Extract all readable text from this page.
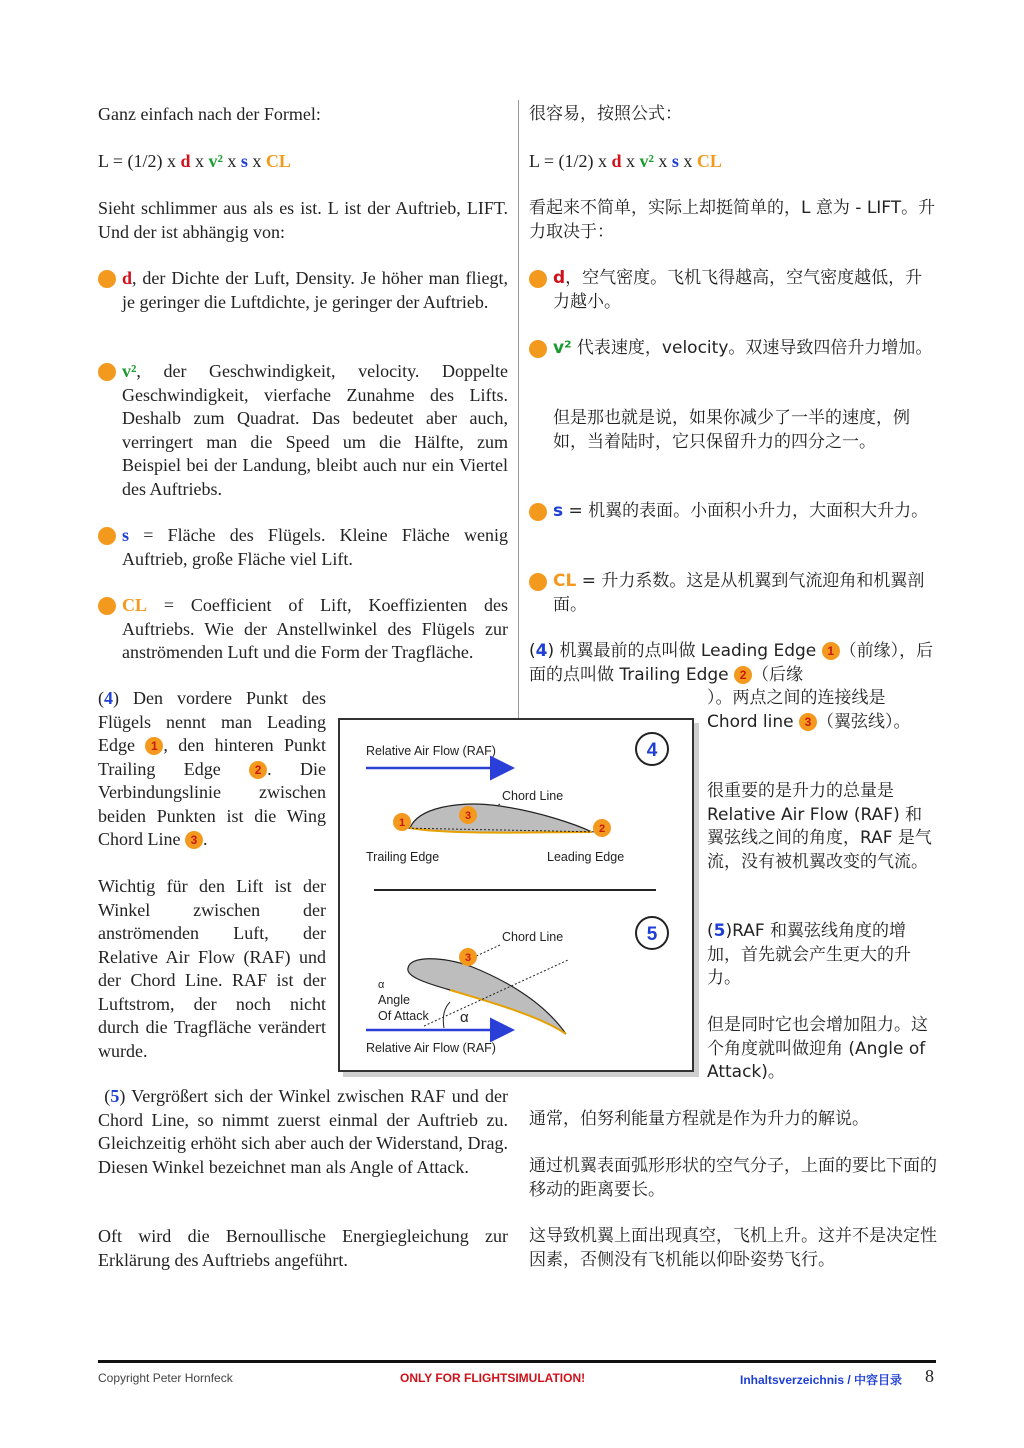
Ganz einfach nach der Formel:

L = (1/2) x d x v² x s x CL

Sieht schlimmer aus als es ist. L ist der Auftrieb, LIFT. Und der ist abhängig von:

d, der Dichte der Luft, Density. Je höher man fliegt, je geringer die Luftdichte, je geringer der Auftrieb.
v², der Geschwindigkeit, velocity. Doppelte Geschwindigkeit, vierfache Zunahme des Lifts. Deshalb zum Quadrat. Das bedeutet aber auch, verringert man die Speed um die Hälfte, zum Beispiel bei der Landung, bleibt auch nur ein Viertel des Auftriebs.
s = Fläche des Flügels. Kleine Fläche wenig Auftrieb, große Fläche viel Lift.
CL = Coefficient of Lift, Koeffizienten des Auftriebs. Wie der Anstellwinkel des Flügels zur anströmenden Luft und die Form der Tragfläche.

(4) Den vordere Punkt des Flügels nennt man Leading Edge 1 , den hinteren Punkt Trailing Edge 2 . Die Verbindungslinie zwischen beiden Punkten ist die Wing Chord Line 3 .

Wichtig für den Lift ist der Winkel zwischen der anströmenden Luft, der Relative Air Flow (RAF) und der Chord Line. RAF ist der Luftstrom, der noch nicht durch die Tragfläche verändert wurde.

(5) Vergrößert sich der Winkel zwischen RAF und der Chord Line, so nimmt zuerst einmal der Auftrieb zu. Gleichzeitig erhöht sich aber auch der Widerstand, Drag. Diesen Winkel bezeichnet man als Angle of Attack.

Oft wird die Bernoullische Energiegleichung zur Erklärung des Auftriebs angeführt.

很容易，按照公式：

L = (1/2) x d x v² x s x CL

看起来不简单，实际上却挺简单的，L 意为 - LIFT。升力取决于：

d，空气密度。飞机飞得越高，空气密度越低，升力越小。
v² 代表速度，velocity。双速导致四倍升力增加。

但是那也就是说，如果你减少了一半的速度，例如，当着陆时，它只保留升力的四分之一。

s = 机翼的表面。小面积小升力，大面积大升力。
CL = 升力系数。这是从机翼到气流迎角和机翼剖面。

(4) 机翼最前的点叫做 Leading Edge 1 （前缘），后面的点叫做 Trailing Edge 2 （后缘

）。两点之间的连接线是 Chord line 3 （翼弦线）。

很重要的是升力的总量是 Relative Air Flow (RAF) 和翼弦线之间的角度，RAF 是气流，没有被机翼改变的气流。

(5)RAF 和翼弦线角度的增加，首先就会产生更大的升力。

但是同时它也会增加阻力。这个角度就叫做迎角 (Angle of Attack)。

通常，伯努利能量方程就是作为升力的解说。

通过机翼表面弧形形状的空气分子，上面的要比下面的移动的距离要长。

这导致机翼上面出现真空，飞机上升。这并不是决定性因素，否侧没有飞机能以仰卧姿势飞行。

Relative Air Flow (RAF)	4
Chord Line
1
3
2
Trailing Edge	Leading Edge
5
Chord Line
3
α
Angle
Of Attack α
Relative Air Flow (RAF)
Copyright Peter Hornfeck	ONLY FOR FLIGHTSIMULATION!	Inhaltsverzeichnis / 中容目录 8
